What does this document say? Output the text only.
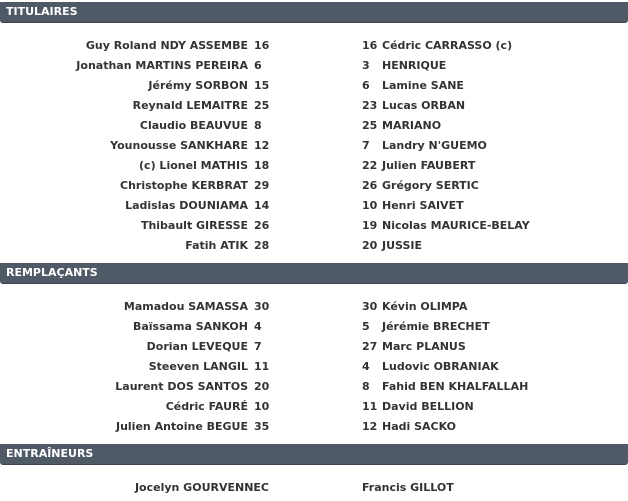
TITULAIRES
Guy Roland NDY ASSEMBE 16	16 Cédric CARRASSO (c)
Jonathan MARTINS PEREIRA 6	3	HENRIQUE
Jérémy SORBON 15	6	Lamine SANE
Reynald LEMAITRE 25	23 Lucas ORBAN
Claudio BEAUVUE 8	25 MARIANO
Younousse SANKHARE 12	7	Landry N'GUEMO
(c) Lionel MATHIS 18	22 Julien FAUBERT
Christophe KERBRAT 29	26 Grégory SERTIC
Ladislas DOUNIAMA 14	10 Henri SAIVET
Thibault GIRESSE 26	19 Nicolas MAURICE-BELAY
Fatih ATIK 28	20 JUSSIE
REMPLAÇANTS
Mamadou SAMASSA 30	30 Kévin OLIMPA
Baïssama SANKOH 4	5	Jérémie BRECHET
Dorian LEVEQUE 7	27 Marc PLANUS
Steeven LANGIL 11	4	Ludovic OBRANIAK
Laurent DOS SANTOS 20	8	Fahid BEN KHALFALLAH
Cédric FAURÉ 10	11 David BELLION
Julien Antoine BEGUE 35	12 Hadi SACKO
ENTRAÎNEURS
Jocelyn GOURVENNEC	Francis GILLOT
